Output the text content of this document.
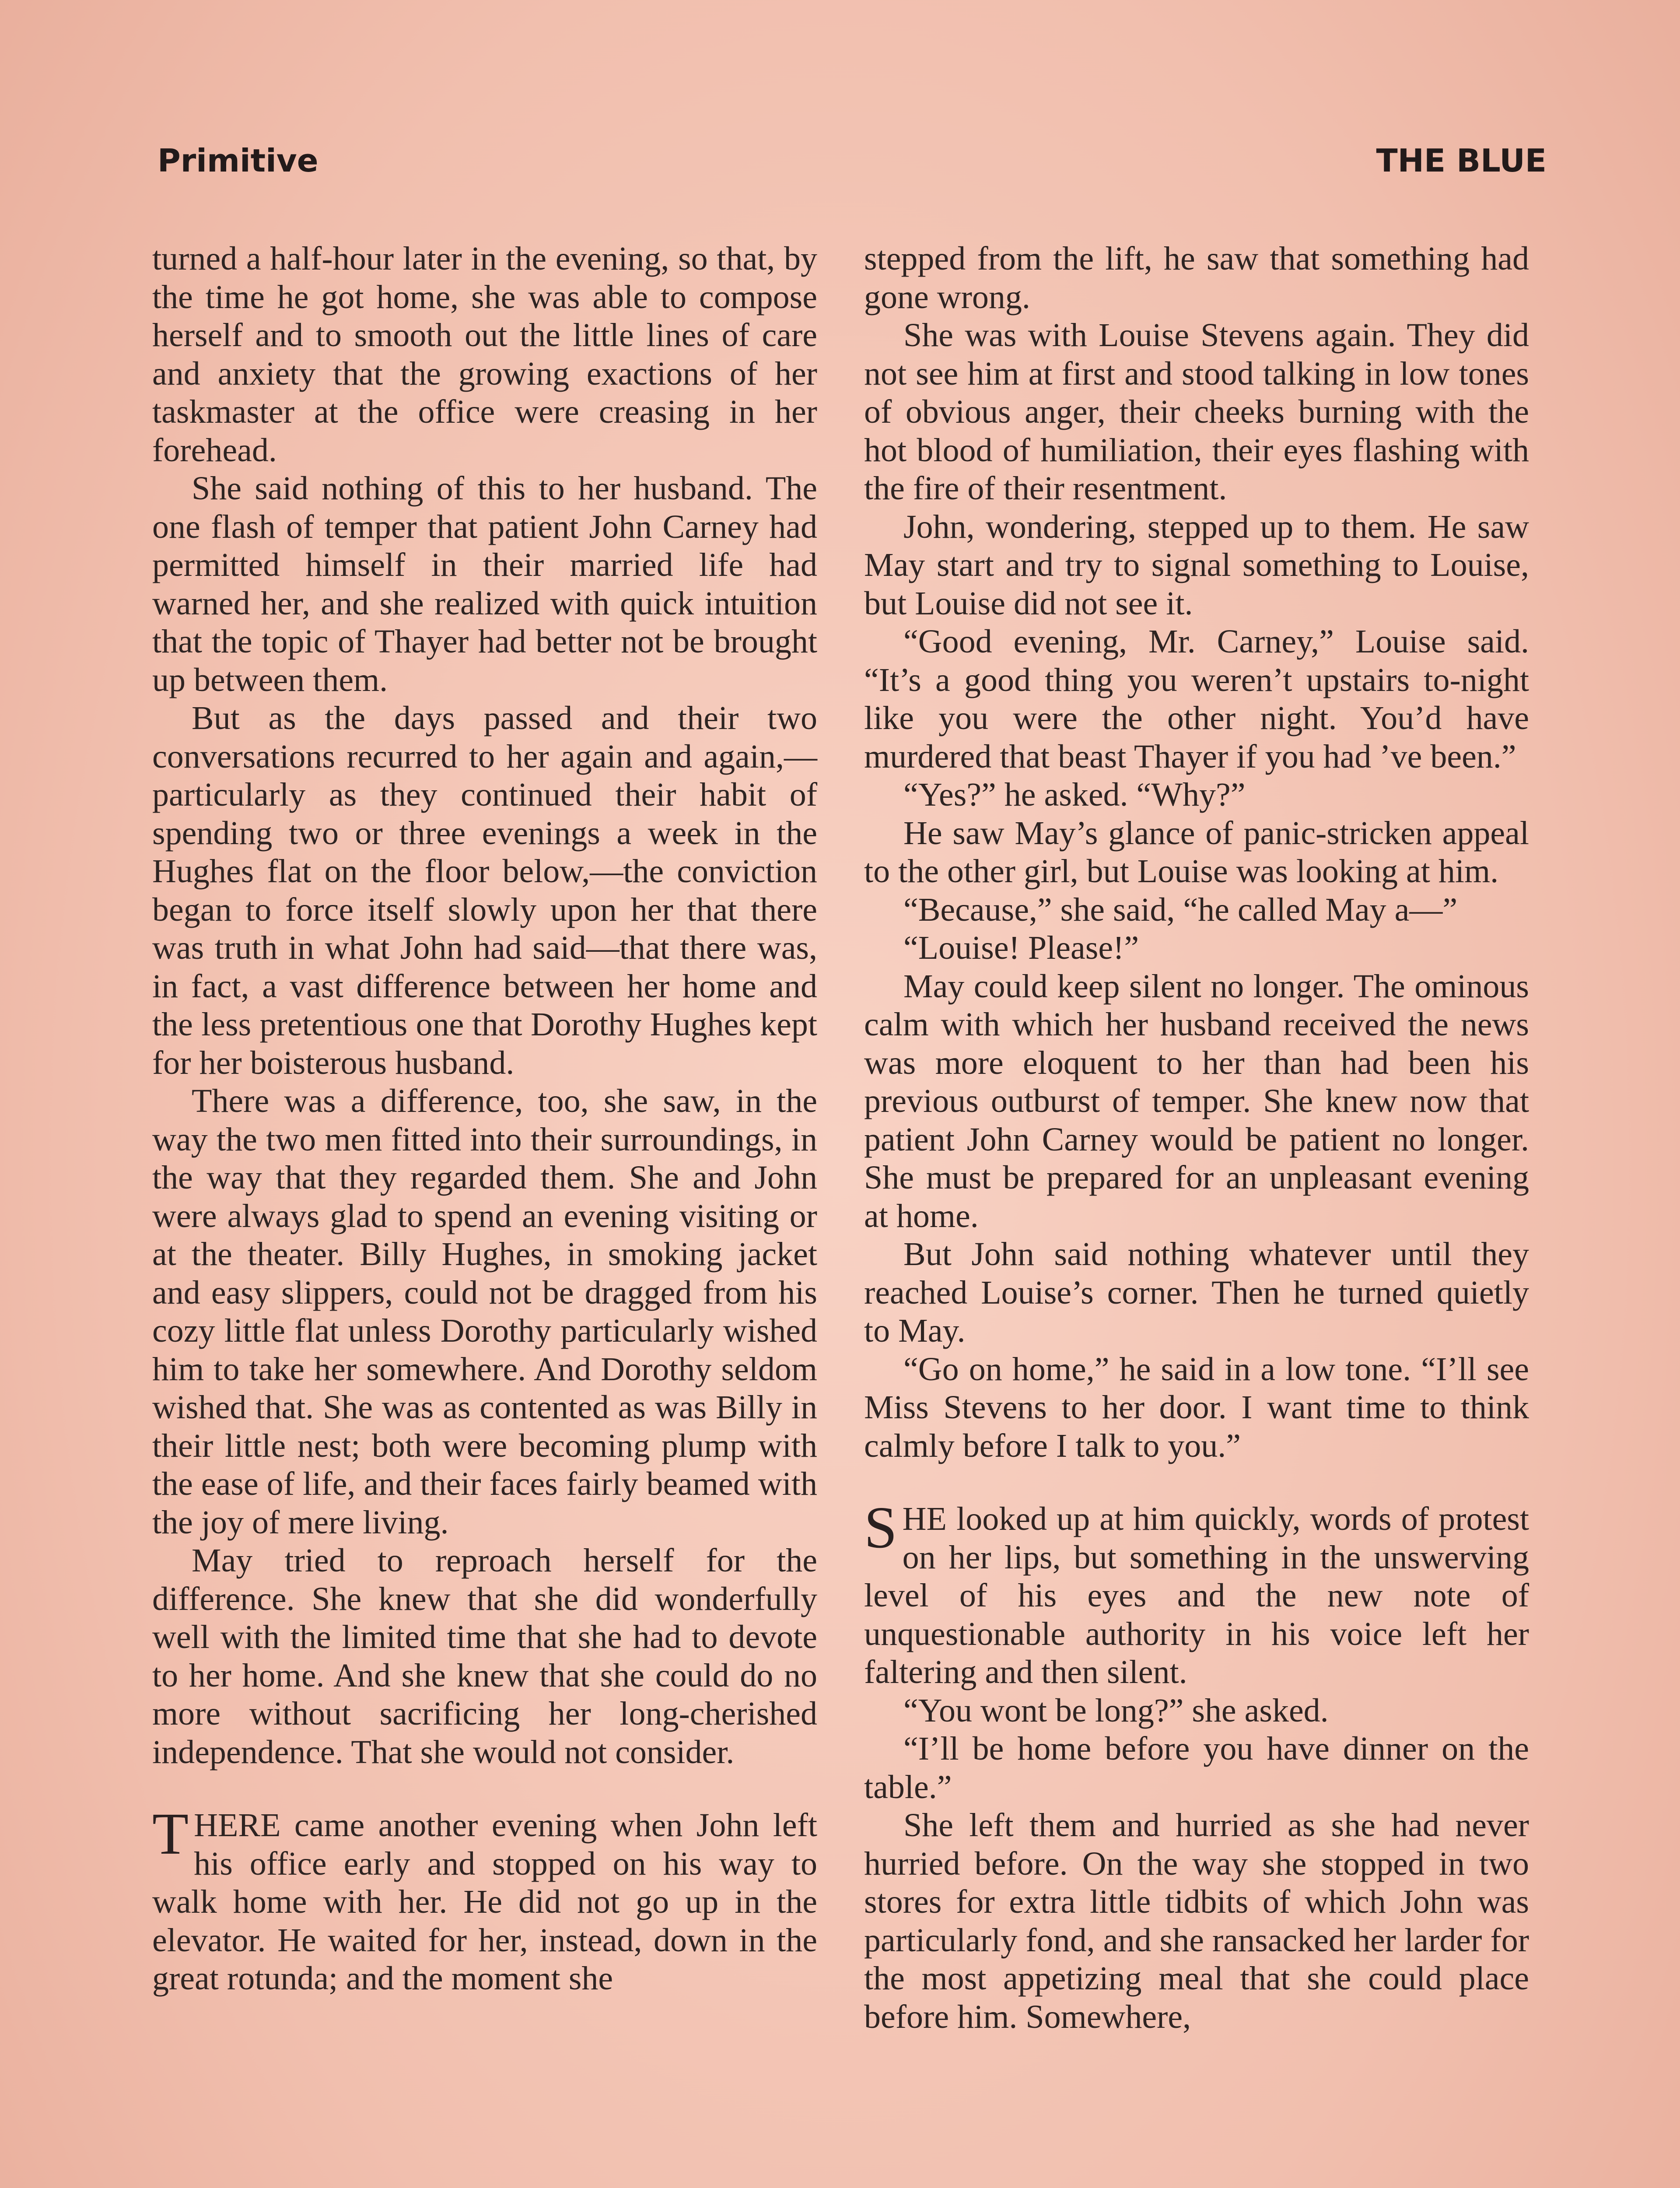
Primitive	THE BLUE

turned a half-hour later in the evening, so that, by the time he got home, she was able to compose herself and to smooth out the little lines of care and anxiety that the growing exactions of her taskmaster at the office were creasing in her forehead.

She said nothing of this to her husband. The one flash of temper that patient John Carney had permitted himself in their married life had warned her, and she realized with quick intuition that the topic of Thayer had better not be brought up between them.

But as the days passed and their two conversations recurred to her again and again,—particularly as they continued their habit of spending two or three evenings a week in the Hughes flat on the floor below,—the conviction began to force itself slowly upon her that there was truth in what John had said—that there was, in fact, a vast difference between her home and the less pretentious one that Dorothy Hughes kept for her boisterous husband.

There was a difference, too, she saw, in the way the two men fitted into their surroundings, in the way that they regarded them. She and John were always glad to spend an evening visiting or at the theater. Billy Hughes, in smoking jacket and easy slippers, could not be dragged from his cozy little flat unless Dorothy particularly wished him to take her somewhere. And Dorothy seldom wished that. She was as contented as was Billy in their little nest; both were becoming plump with the ease of life, and their faces fairly beamed with the joy of mere living.

May tried to reproach herself for the difference. She knew that she did wonderfully well with the limited time that she had to devote to her home. And she knew that she could do no more without sacrificing her long-cherished independence. That she would not consider.

THERE came another evening when John left his office early and stopped on his way to walk home with her. He did not go up in the elevator. He waited for her, instead, down in the great rotunda; and the moment she

stepped from the lift, he saw that something had gone wrong.

She was with Louise Stevens again. They did not see him at first and stood talking in low tones of obvious anger, their cheeks burning with the hot blood of humiliation, their eyes flashing with the fire of their resentment.

John, wondering, stepped up to them. He saw May start and try to signal something to Louise, but Louise did not see it.

“Good evening, Mr. Carney,” Louise said. “It’s a good thing you weren’t upstairs to-night like you were the other night. You’d have murdered that beast Thayer if you had ’ve been.”

“Yes?” he asked. “Why?”

He saw May’s glance of panic-stricken appeal to the other girl, but Louise was looking at him.

“Because,” she said, “he called May a—”

“Louise! Please!”

May could keep silent no longer. The ominous calm with which her husband received the news was more eloquent to her than had been his previous outburst of temper. She knew now that patient John Carney would be patient no longer. She must be prepared for an unpleasant evening at home.

But John said nothing whatever until they reached Louise’s corner. Then he turned quietly to May.

“Go on home,” he said in a low tone. “I’ll see Miss Stevens to her door. I want time to think calmly before I talk to you.”

SHE looked up at him quickly, words of protest on her lips, but something in the unswerving level of his eyes and the new note of unquestionable authority in his voice left her faltering and then silent.

“You wont be long?” she asked.

“I’ll be home before you have dinner on the table.”

She left them and hurried as she had never hurried before. On the way she stopped in two stores for extra little tidbits of which John was particularly fond, and she ransacked her larder for the most appetizing meal that she could place before him. Somewhere,
